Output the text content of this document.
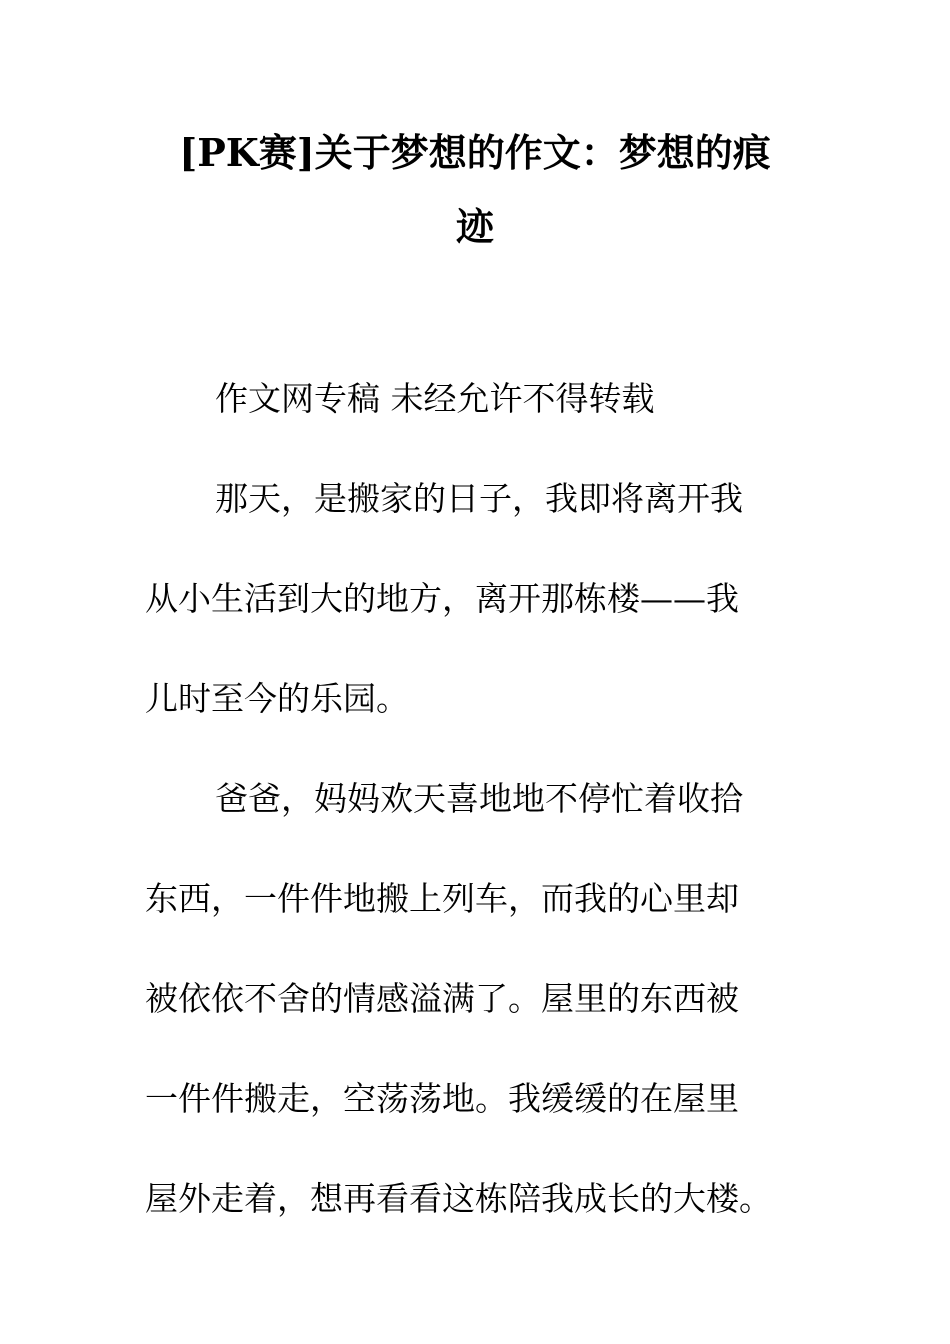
[PK赛]关于梦想的作文：梦想的痕
迹

作文网专稿 未经允许不得转载

那天，是搬家的日子，我即将离开我

从小生活到大的地方，离开那栋楼——我

儿时至今的乐园。

爸爸，妈妈欢天喜地地不停忙着收拾

东西，一件件地搬上列车，而我的心里却

被依依不舍的情感溢满了。屋里的东西被

一件件搬走，空荡荡地。我缓缓的在屋里

屋外走着，想再看看这栋陪我成长的大楼。
